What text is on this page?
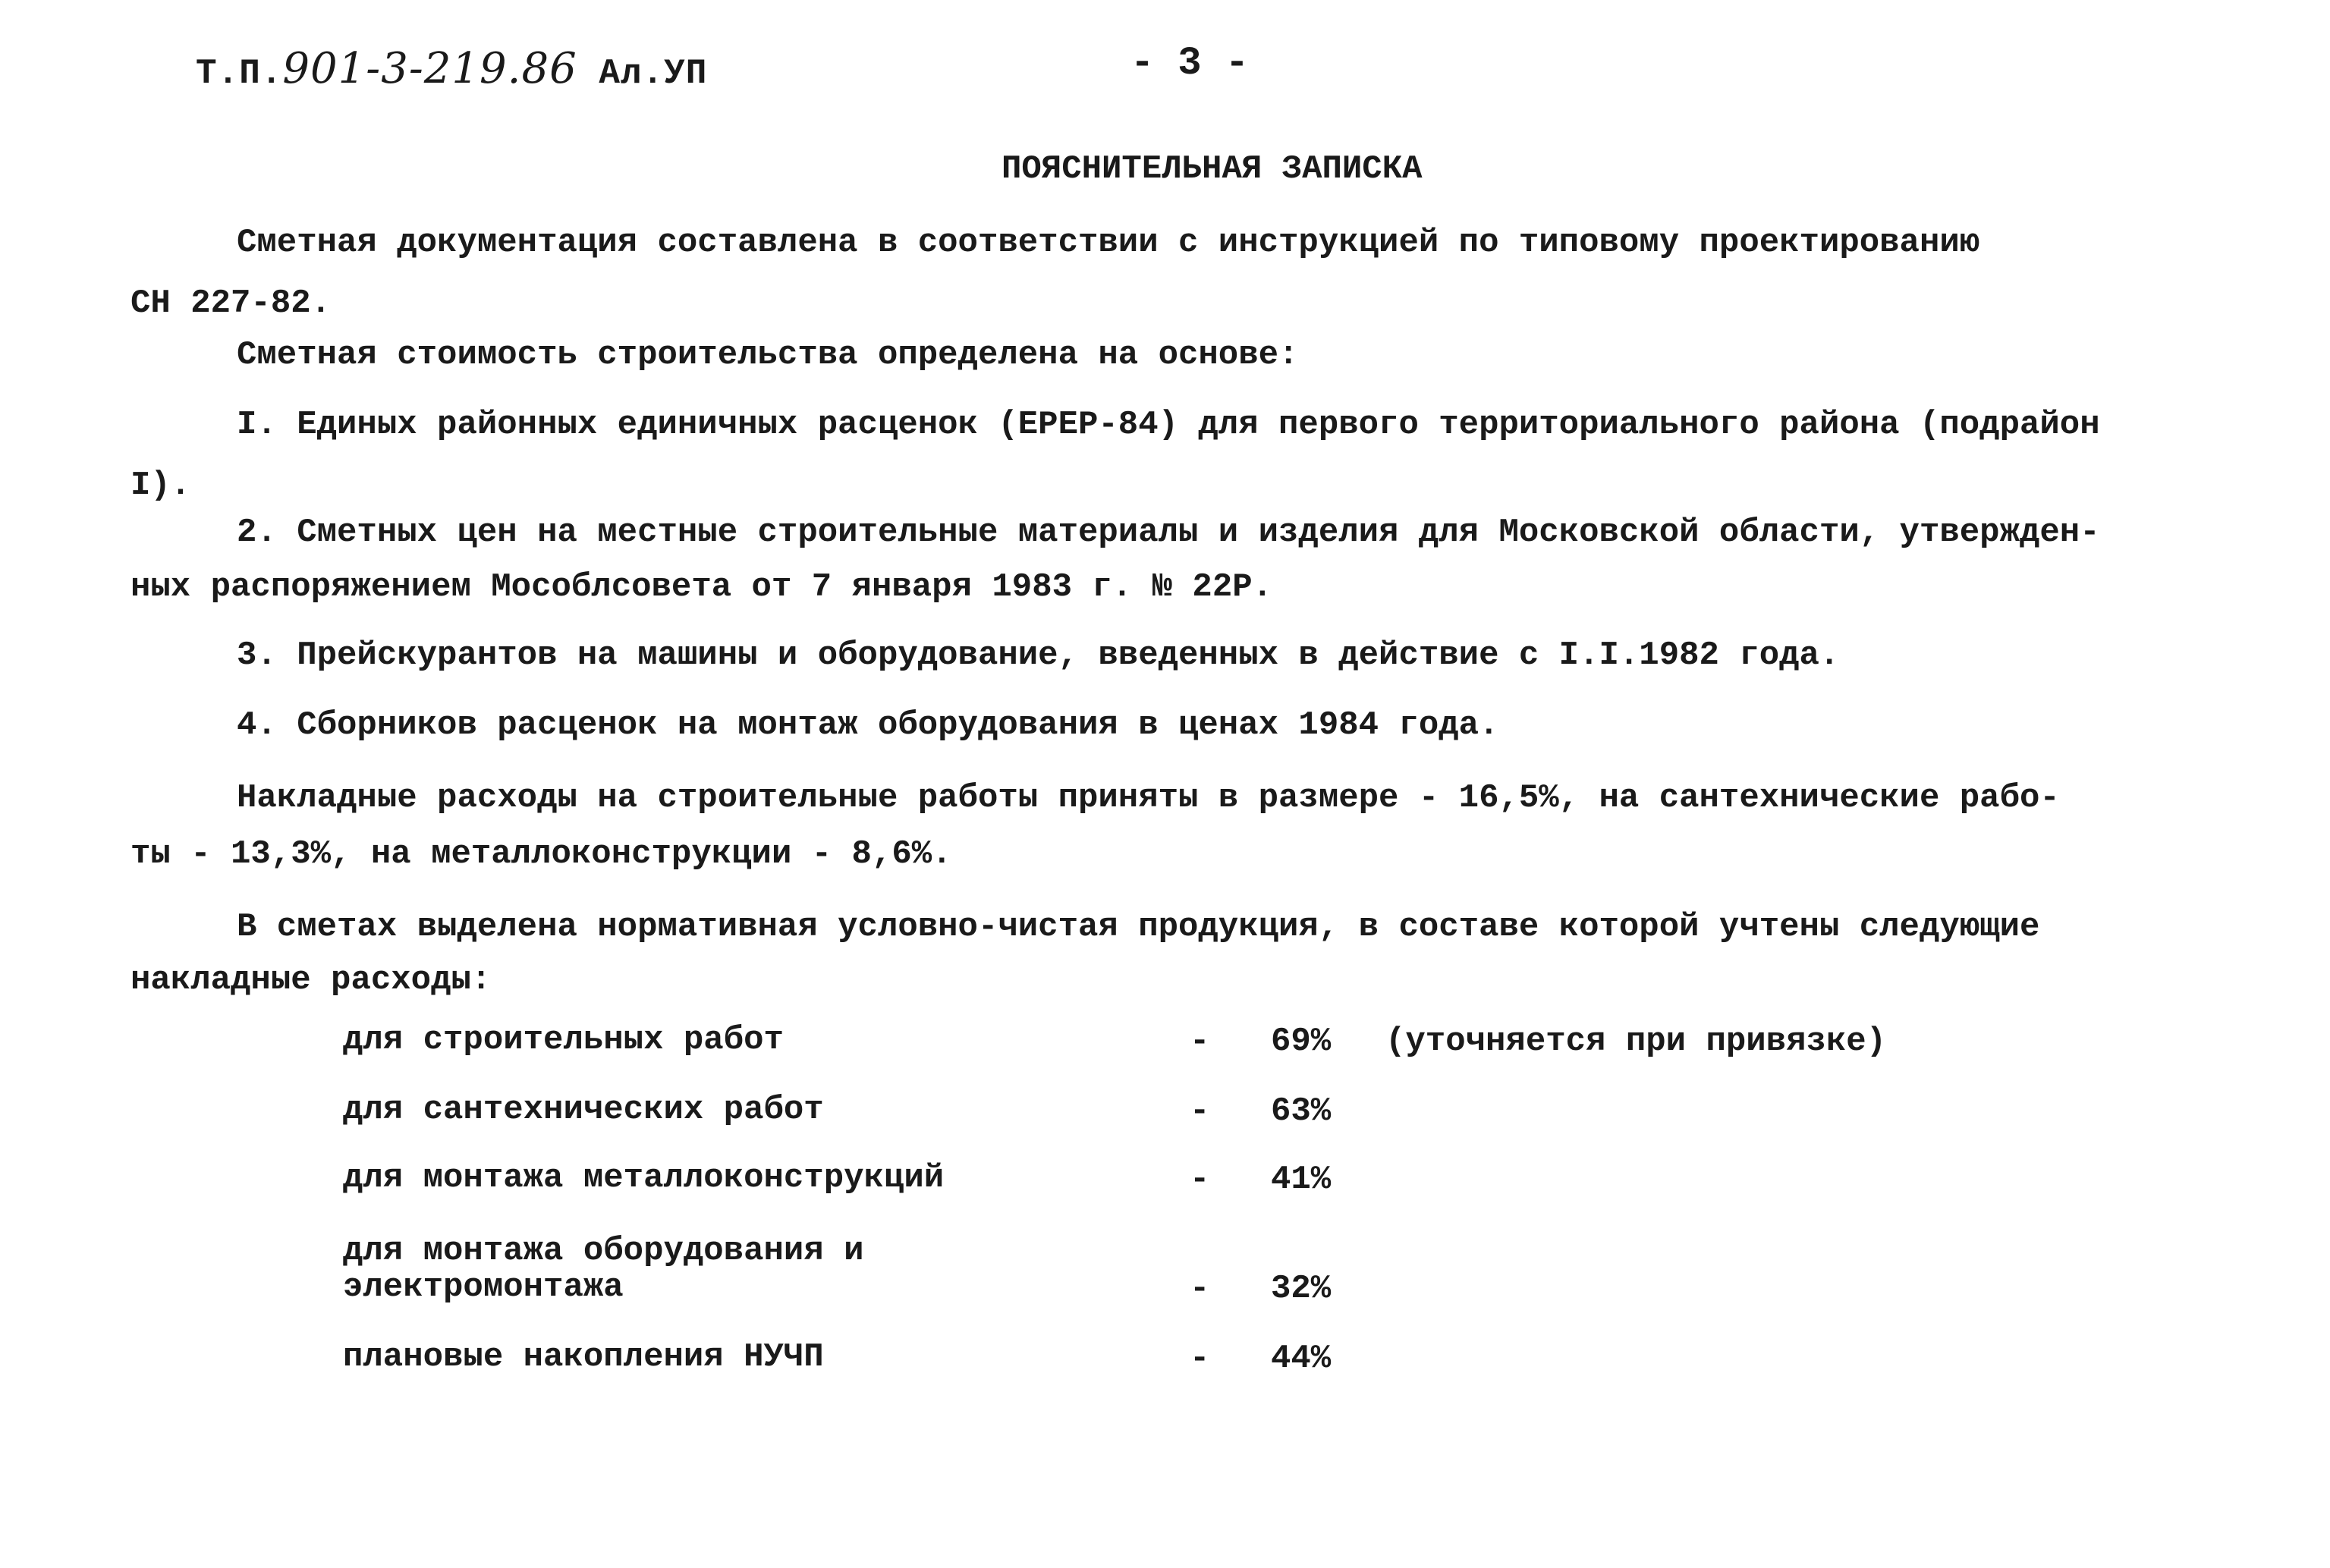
Т.П.901-3-219.86 Ал.УП	- 3 -
ПОЯСНИТЕЛЬНАЯ ЗАПИСКА
Сметная документация составлена в соответствии с инструкцией по типовому проектированию
СН 227-82.
Сметная стоимость строительства определена на основе:
I. Единых районных единичных расценок (ЕРЕР-84) для первого территориального района (подрайон
I).
2. Сметных цен на местные строительные материалы и изделия для Московской области, утвержден-
ных распоряжением Мособлсовета от 7 января 1983 г. № 22Р.
3. Прейскурантов на машины и оборудование, введенных в действие с I.I.1982 года.
4. Сборников расценок на монтаж оборудования в ценах 1984 года.
Накладные расходы на строительные работы приняты в размере - 16,5%, на сантехнические рабо-
ты - 13,3%, на металлоконструкции - 8,6%.
В сметах выделена нормативная условно-чистая продукция, в составе которой учтены следующие
накладные расходы:
для строительных работ	- 69% (уточняется при привязке)
для сантехнических работ	- 63%
для монтажа металлоконструкций	- 41%
для монтажа оборудования и
электромонтажа	- 32%
плановые накопления НУЧП	- 44%
